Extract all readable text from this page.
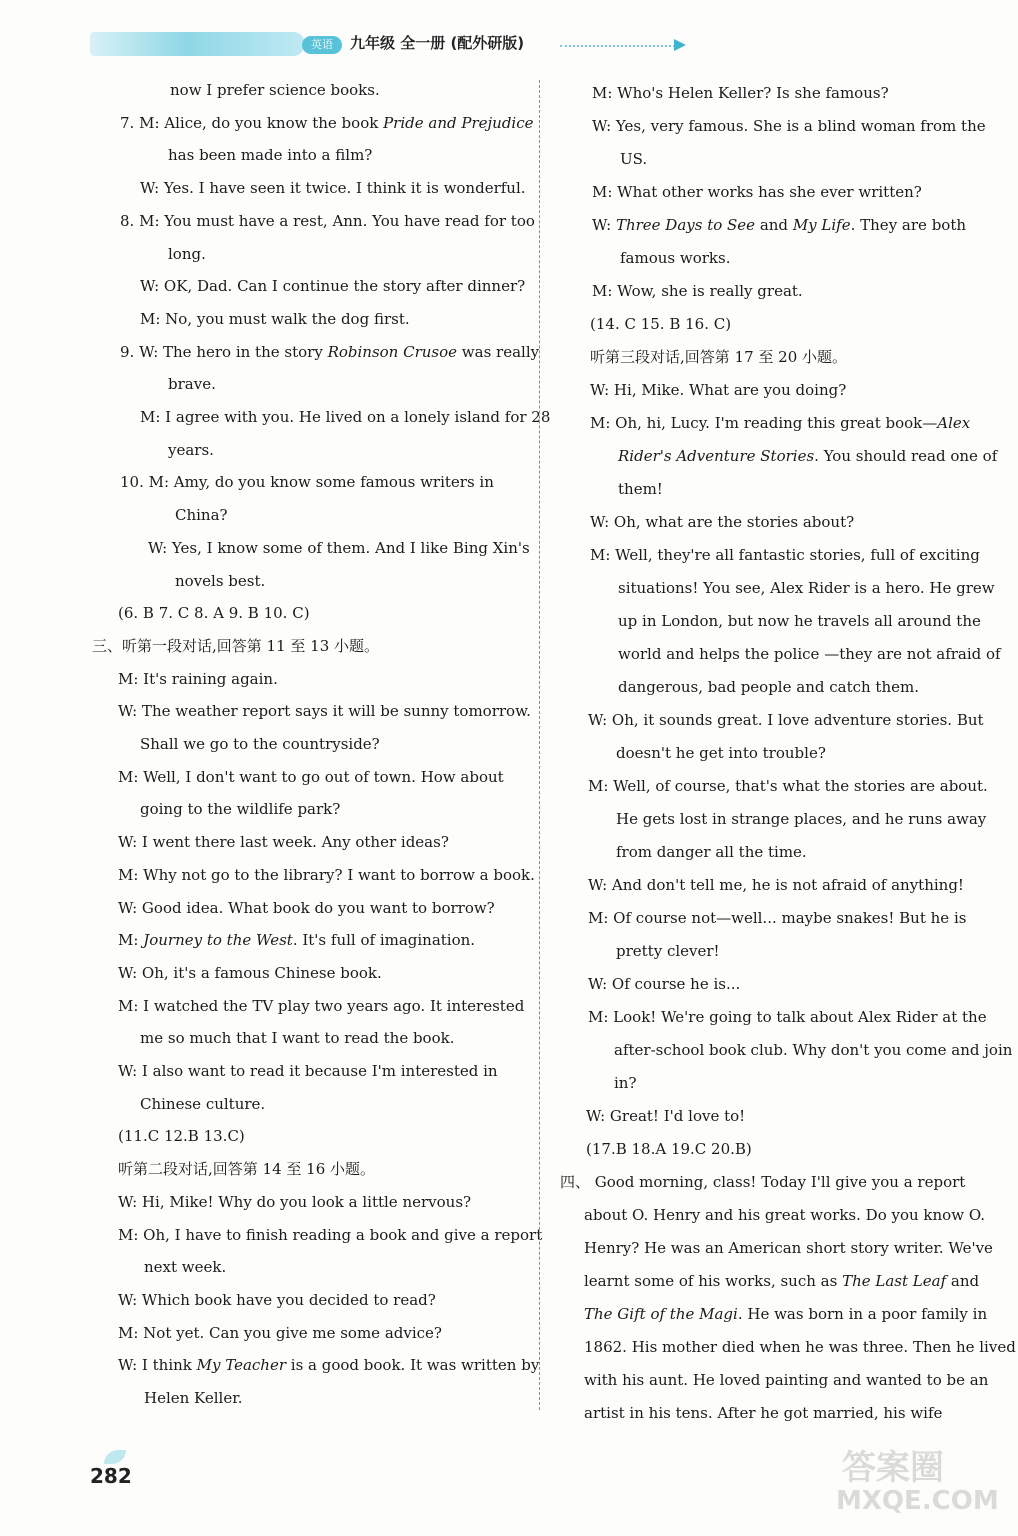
英语	九年级 全一册 (配外研版)
now I prefer science books.
7. M: Alice, do you know the book Pride and Prejudice
has been made into a film?
W: Yes. I have seen it twice. I think it is wonderful.
8. M: You must have a rest, Ann. You have read for too
long.
W: OK, Dad. Can I continue the story after dinner?
M: No, you must walk the dog first.
9. W: The hero in the story Robinson Crusoe was really
brave.
M: I agree with you. He lived on a lonely island for 28
years.
10. M: Amy, do you know some famous writers in
China?
W: Yes, I know some of them. And I like Bing Xin's
novels best.
(6. B 7. C 8. A 9. B 10. C)
三、听第一段对话,回答第 11 至 13 小题。
M: It's raining again.
W: The weather report says it will be sunny tomorrow.
Shall we go to the countryside?
M: Well, I don't want to go out of town. How about
going to the wildlife park?
W: I went there last week. Any other ideas?
M: Why not go to the library? I want to borrow a book.
W: Good idea. What book do you want to borrow?
M: Journey to the West. It's full of imagination.
W: Oh, it's a famous Chinese book.
M: I watched the TV play two years ago. It interested
me so much that I want to read the book.
W: I also want to read it because I'm interested in
Chinese culture.
(11.C 12.B 13.C)
听第二段对话,回答第 14 至 16 小题。
W: Hi, Mike! Why do you look a little nervous?
M: Oh, I have to finish reading a book and give a report
next week.
W: Which book have you decided to read?
M: Not yet. Can you give me some advice?
W: I think My Teacher is a good book. It was written by
Helen Keller.
M: Who's Helen Keller? Is she famous?
W: Yes, very famous. She is a blind woman from the
US.
M: What other works has she ever written?
W: Three Days to See and My Life. They are both
famous works.
M: Wow, she is really great.
(14. C 15. B 16. C)
听第三段对话,回答第 17 至 20 小题。
W: Hi, Mike. What are you doing?
M: Oh, hi, Lucy. I'm reading this great book—Alex
Rider's Adventure Stories. You should read one of
them!
W: Oh, what are the stories about?
M: Well, they're all fantastic stories, full of exciting
situations! You see, Alex Rider is a hero. He grew
up in London, but now he travels all around the
world and helps the police —they are not afraid of
dangerous, bad people and catch them.
W: Oh, it sounds great. I love adventure stories. But
doesn't he get into trouble?
M: Well, of course, that's what the stories are about.
He gets lost in strange places, and he runs away
from danger all the time.
W: And don't tell me, he is not afraid of anything!
M: Of course not—well... maybe snakes! But he is
pretty clever!
W: Of course he is...
M: Look! We're going to talk about Alex Rider at the
after-school book club. Why don't you come and join
in?
W: Great! I'd love to!
(17.B 18.A 19.C 20.B)
四、 Good morning, class! Today I'll give you a report
about O. Henry and his great works. Do you know O.
Henry? He was an American short story writer. We've
learnt some of his works, such as The Last Leaf and
The Gift of the Magi. He was born in a poor family in
1862. His mother died when he was three. Then he lived
with his aunt. He loved painting and wanted to be an
artist in his tens. After he got married, his wife
282	答案圈
MXQE.COM
